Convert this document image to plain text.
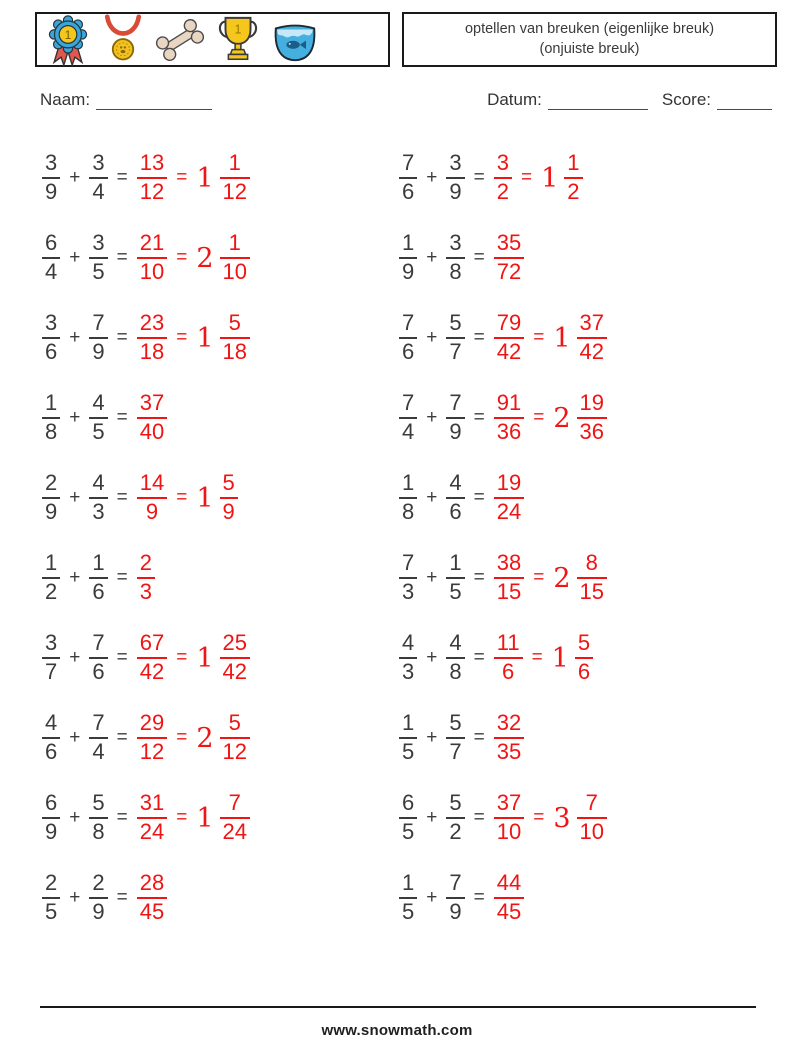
1	1	optellen van breuken (eigenlijke breuk)
(onjuiste breuk)
Naam:	Datum:	Score:
$\frac{3}{9} + \frac{3}{4} = \frac{13}{12} = 1 \frac{1}{12}$
$\frac{6}{4} + \frac{3}{5} = \frac{21}{10} = 2 \frac{1}{10}$
$\frac{3}{6} + \frac{7}{9} = \frac{23}{18} = 1 \frac{5}{18}$
$\frac{1}{8} + \frac{4}{5} = \frac{37}{40}$
$\frac{2}{9} + \frac{4}{3} = \frac{14}{9} = 1 \frac{5}{9}$
$\frac{1}{2} + \frac{1}{6} = \frac{2}{3}$
$\frac{3}{7} + \frac{7}{6} = \frac{67}{42} = 1 \frac{25}{42}$
$\frac{4}{6} + \frac{7}{4} = \frac{29}{12} = 2 \frac{5}{12}$
$\frac{6}{9} + \frac{5}{8} = \frac{31}{24} = 1 \frac{7}{24}$
$\frac{2}{5} + \frac{2}{9} = \frac{28}{45}$
$\frac{7}{6} + \frac{3}{9} = \frac{3}{2} = 1 \frac{1}{2}$
$\frac{1}{9} + \frac{3}{8} = \frac{35}{72}$
$\frac{7}{6} + \frac{5}{7} = \frac{79}{42} = 1 \frac{37}{42}$
$\frac{7}{4} + \frac{7}{9} = \frac{91}{36} = 2 \frac{19}{36}$
$\frac{1}{8} + \frac{4}{6} = \frac{19}{24}$
$\frac{7}{3} + \frac{1}{5} = \frac{38}{15} = 2 \frac{8}{15}$
$\frac{4}{3} + \frac{4}{8} = \frac{11}{6} = 1 \frac{5}{6}$
$\frac{1}{5} + \frac{5}{7} = \frac{32}{35}$
$\frac{6}{5} + \frac{5}{2} = \frac{37}{10} = 3 \frac{7}{10}$
$\frac{1}{5} + \frac{7}{9} = \frac{44}{45}$
www.snowmath.com
